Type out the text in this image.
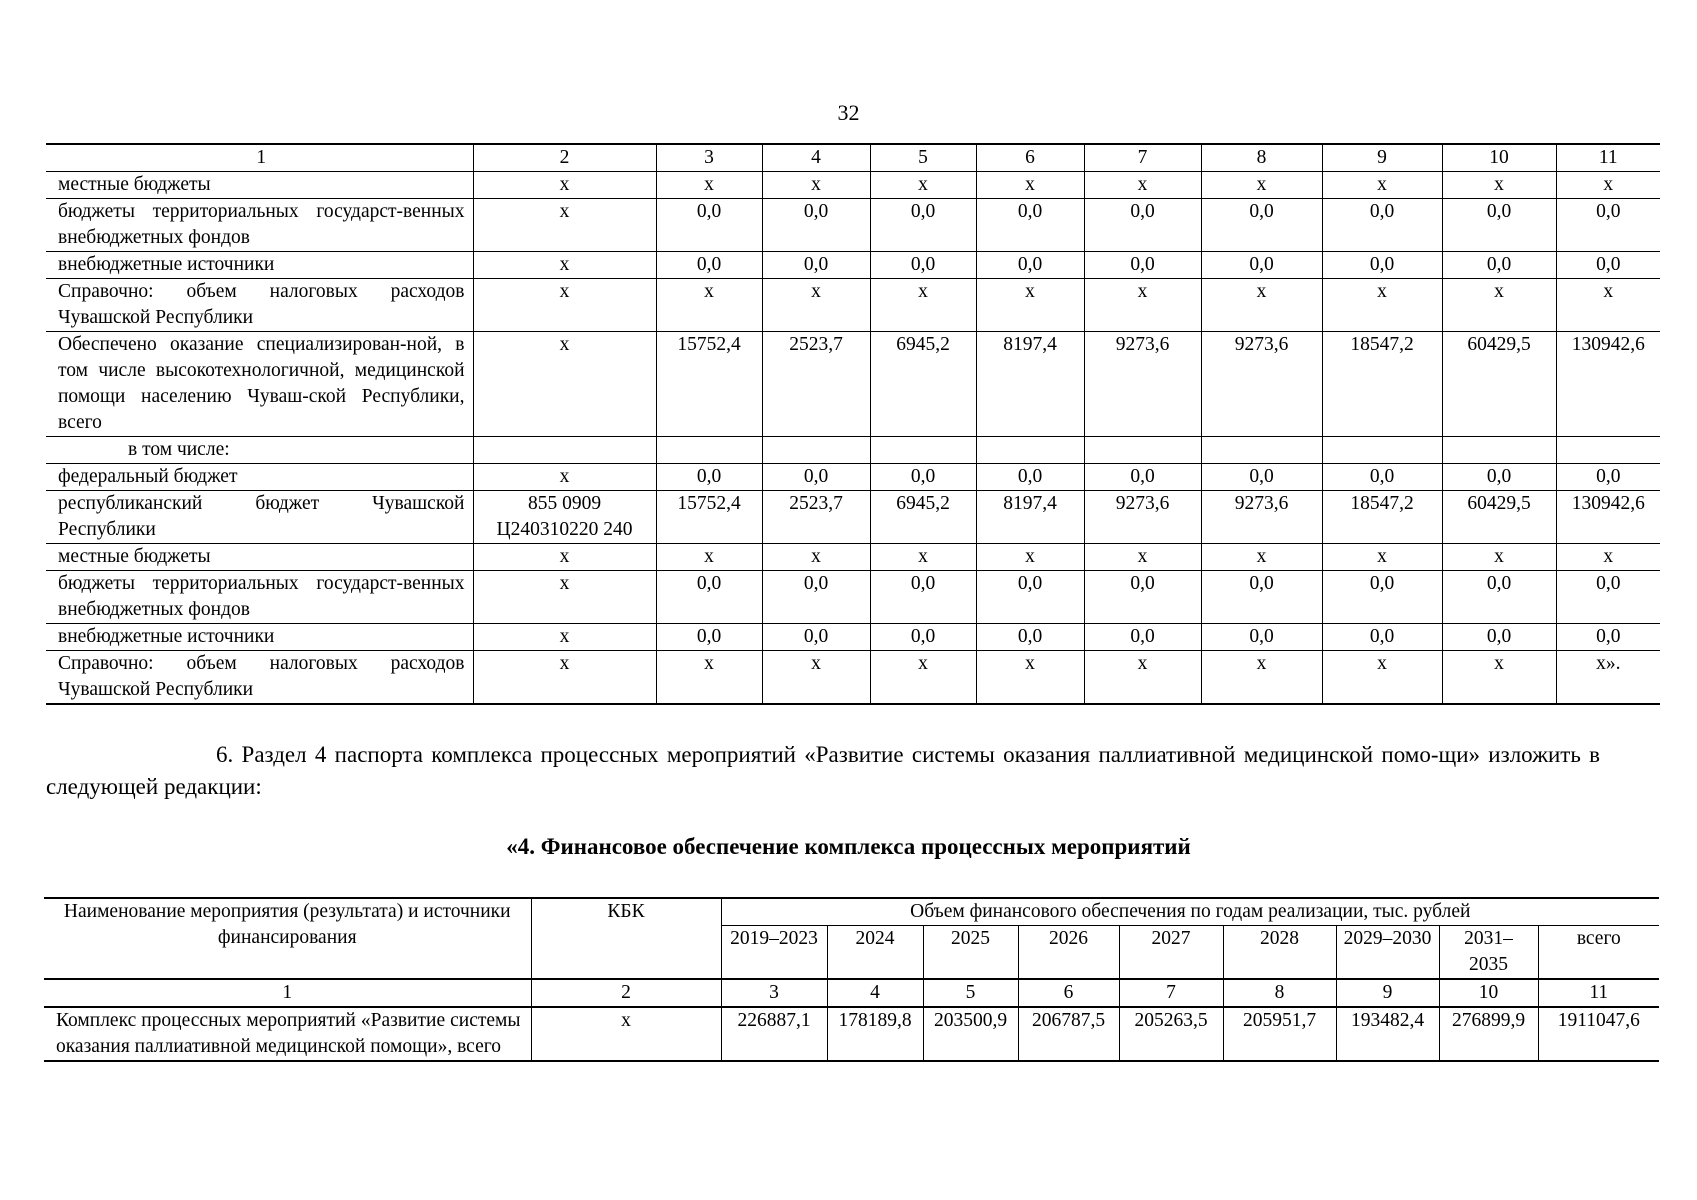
32
1	2	3	4	5	6	7	8	9	10	11
местные бюджеты	х	х	х	х	х	х	х	х	х	х
бюджеты территориальных государст-венных внебюджетных фондов	х	0,0	0,0	0,0	0,0	0,0	0,0	0,0	0,0	0,0
внебюджетные источники	х	0,0	0,0	0,0	0,0	0,0	0,0	0,0	0,0	0,0
Справочно: объем налоговых расходов Чувашской Республики	х	х	х	х	х	х	х	х	х	х
Обеспечено оказание специализирован-ной, в том числе высокотехнологичной, медицинской помощи населению Чуваш-ской Республики, всего	х	15752,4	2523,7	6945,2	8197,4	9273,6	9273,6	18547,2	60429,5	130942,6
в том числе:										
федеральный бюджет	х	0,0	0,0	0,0	0,0	0,0	0,0	0,0	0,0	0,0
республиканский бюджет Чувашской Республики	855 0909 Ц240310220 240	15752,4	2523,7	6945,2	8197,4	9273,6	9273,6	18547,2	60429,5	130942,6
местные бюджеты	х	х	х	х	х	х	х	х	х	х
бюджеты территориальных государст-венных внебюджетных фондов	х	0,0	0,0	0,0	0,0	0,0	0,0	0,0	0,0	0,0
внебюджетные источники	х	0,0	0,0	0,0	0,0	0,0	0,0	0,0	0,0	0,0
Справочно: объем налоговых расходов Чувашской Республики	х	х	х	х	х	х	х	х	х	х».
6. Раздел 4 паспорта комплекса процессных мероприятий «Развитие системы оказания паллиативной медицинской помо-щи» изложить в следующей редакции:
«4. Финансовое обеспечение комплекса процессных мероприятий
Наименование мероприятия (результата) и источники финансирования	КБК	Объем финансового обеспечения по годам реализации, тыс. рублей								
		2019–2023	2024	2025	2026	2027	2028	2029–2030	2031–2035	всего
1	2	3	4	5	6	7	8	9	10	11
Комплекс процессных мероприятий «Развитие системы оказания паллиативной медицинской помощи», всего	х	226887,1	178189,8	203500,9	206787,5	205263,5	205951,7	193482,4	276899,9	1911047,6
